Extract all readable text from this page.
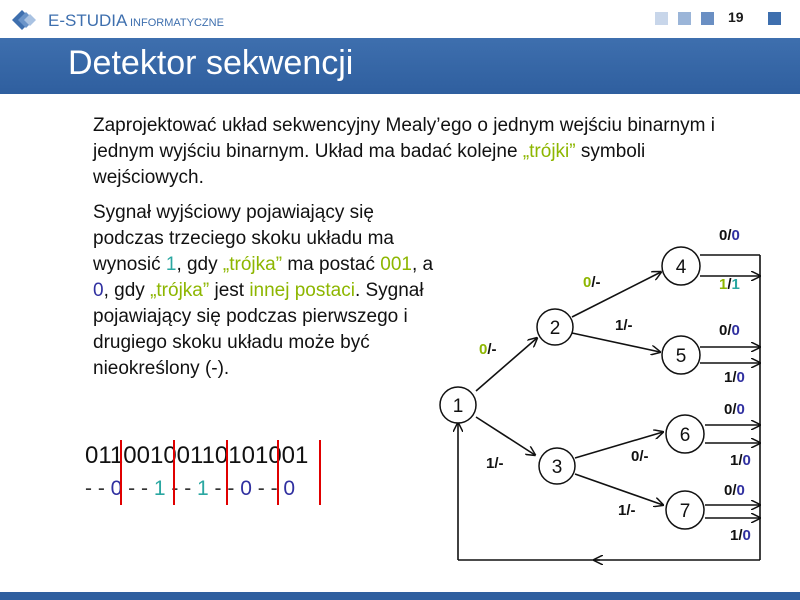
E-STUDIA INFORMATYCZNE	19
Detektor sekwencji
Zaprojektować układ sekwencyjny Mealy’ego o jednym wejściu binarnym i jednym wyjściu binarnym. Układ ma badać kolejne „trójki” symboli wejściowych.
Sygnał wyjściowy pojawiający się podczas trzeciego skoku układu ma wynosić 1, gdy „trójka” ma postać 001, a 0, gdy „trójka” jest innej postaci. Sygnał pojawiający się podczas pierwszego i drugiego skoku układu może być nieokreślony (-).
01100100110101001
- - 0 - - 1 - - 1 - - 0 - - 0
1
2
3
4
5
6
7
0/-
1/-
0/-
1/-
0/-
1/-
0/0
1/1
0/0
1/0
0/0
1/0
0/0
1/0
